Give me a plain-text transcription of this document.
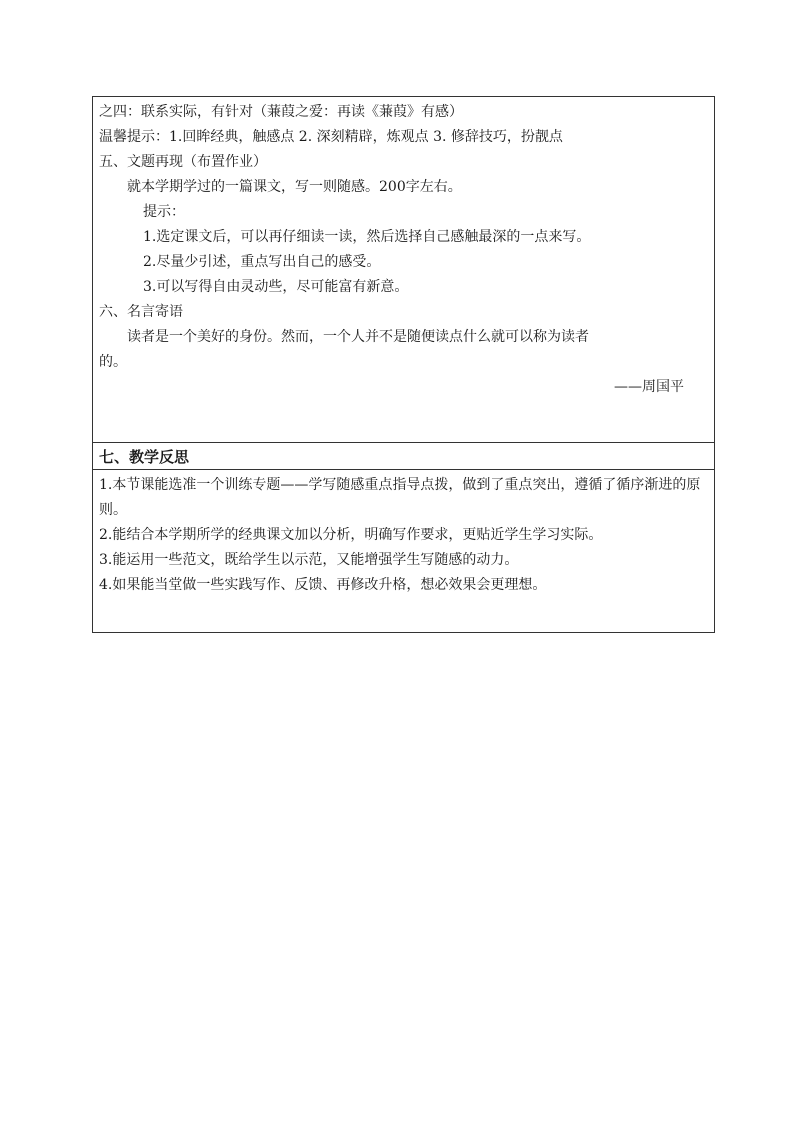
之四：联系实际，有针对（蒹葭之爱：再读《蒹葭》有感）
温馨提示：1.回眸经典，触感点 2. 深刻精辟，炼观点 3. 修辞技巧，扮靓点
五、文题再现（布置作业）
就本学期学过的一篇课文，写一则随感。200字左右。
提示：
1.选定课文后，可以再仔细读一读，然后选择自己感触最深的一点来写。
2.尽量少引述，重点写出自己的感受。
3.可以写得自由灵动些，尽可能富有新意。
六、名言寄语
读者是一个美好的身份。然而，一个人并不是随便读点什么就可以称为读者
的。
——周国平
七、教学反思
1.本节课能选准一个训练专题——学写随感重点指导点拨，做到了重点突出，遵循了循序渐进的原则。
2.能结合本学期所学的经典课文加以分析，明确写作要求，更贴近学生学习实际。
3.能运用一些范文，既给学生以示范，又能增强学生写随感的动力。
4.如果能当堂做一些实践写作、反馈、再修改升格，想必效果会更理想。
